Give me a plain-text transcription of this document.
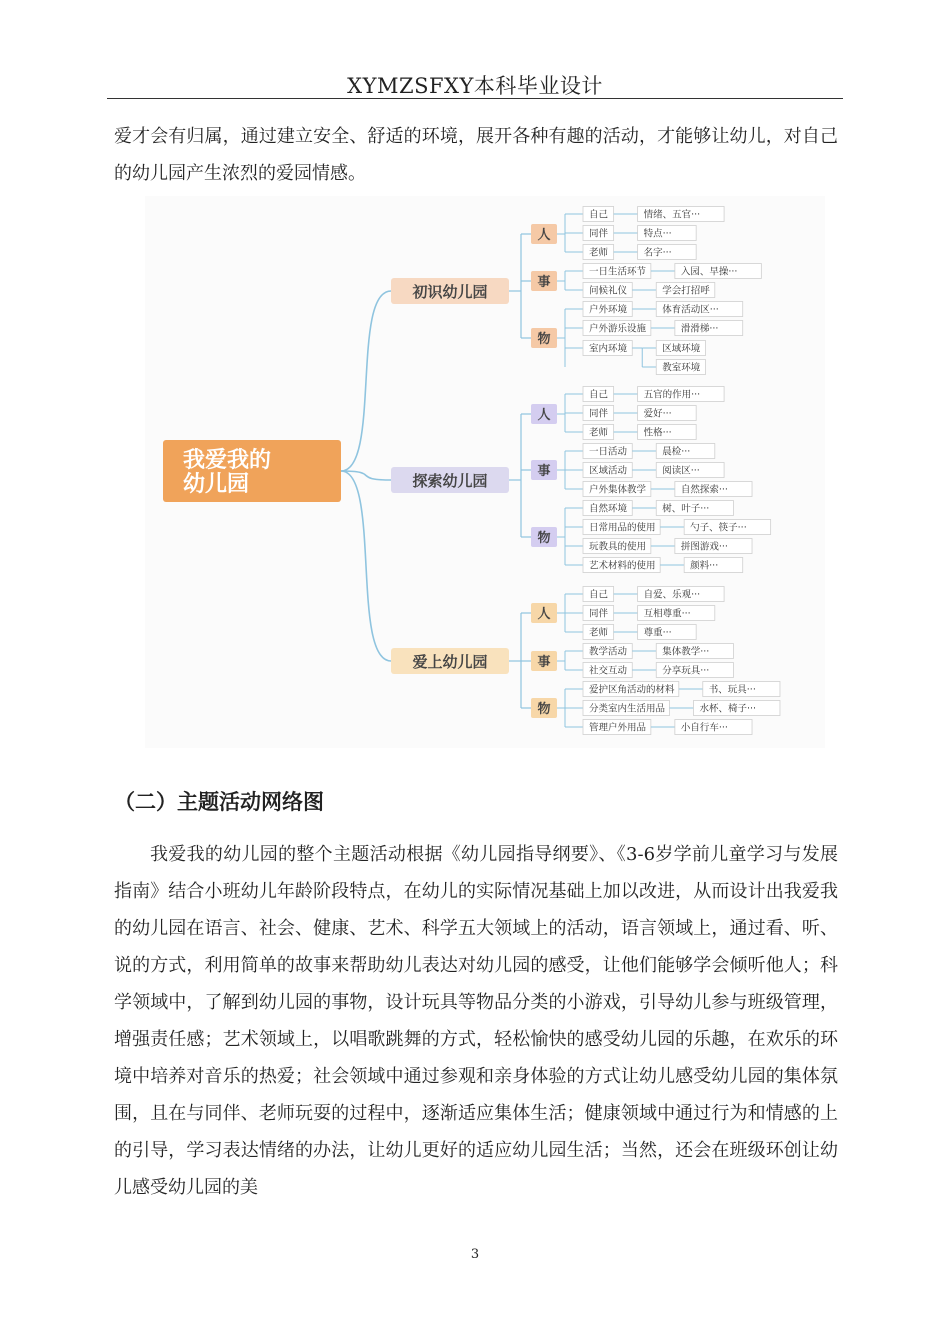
XYMZSFXY本科毕业设计

爱才会有归属，通过建立安全、舒适的环境，展开各种有趣的活动，才能够让幼儿，对自己的幼儿园产生浓烈的爱园情感。

我爱我的
幼儿园
初识幼儿园
人
自己	情绪、五官···
同伴	特点···
老师	名字···
事
一日生活环节	入园、早操···
问候礼仪	学会打招呼
物
户外环境	体育活动区···
户外游乐设施	滑滑梯···
室内环境	区域环境
教室环境
探索幼儿园
人
自己	五官的作用···
同伴	爱好···
老师	性格···
事
一日活动	晨检···
区域活动	阅读区···
户外集体教学	自然探索···
物
自然环境	树、叶子···
日常用品的使用	勺子、筷子···
玩教具的使用	拼图游戏···
艺术材料的使用	颜料···
爱上幼儿园
人
自己	自爱、乐观···
同伴	互相尊重···
老师	尊重···
事
教学活动	集体教学···
社交互动	分享玩具···
物
爱护区角活动的材料	书、玩具···
分类室内生活用品	水杯、椅子···
管理户外用品	小自行车···
（二）主题活动网络图

我爱我的幼儿园的整个主题活动根据《幼儿园指导纲要》、《3-6岁学前儿童学习与发展指南》结合小班幼儿年龄阶段特点，在幼儿的实际情况基础上加以改进，从而设计出我爱我的幼儿园在语言、社会、健康、艺术、科学五大领域上的活动，语言领域上，通过看、听、说的方式，利用简单的故事来帮助幼儿表达对幼儿园的感受，让他们能够学会倾听他人；科学领域中，了解到幼儿园的事物，设计玩具等物品分类的小游戏，引导幼儿参与班级管理，增强责任感；艺术领域上，以唱歌跳舞的方式，轻松愉快的感受幼儿园的乐趣，在欢乐的环境中培养对音乐的热爱；社会领域中通过参观和亲身体验的方式让幼儿感受幼儿园的集体氛围，且在与同伴、老师玩耍的过程中，逐渐适应集体生活；健康领域中通过行为和情感的上的引导，学习表达情绪的办法，让幼儿更好的适应幼儿园生活；当然，还会在班级环创让幼儿感受幼儿园的美

3
